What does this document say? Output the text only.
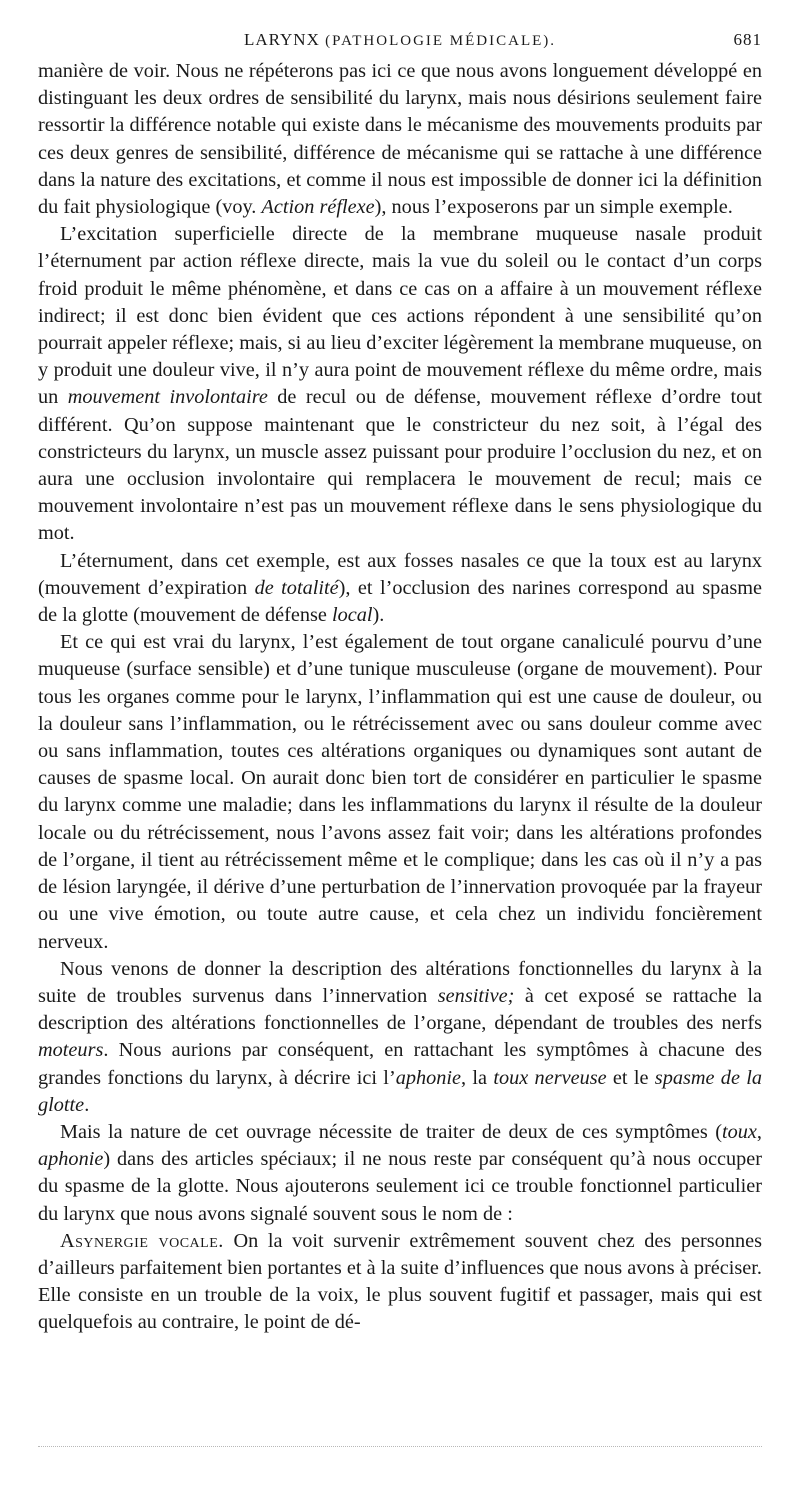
LARYNX (PATHOLOGIE MÉDICALE).	681

manière de voir. Nous ne répéterons pas ici ce que nous avons longuement développé en distinguant les deux ordres de sensibilité du larynx, mais nous désirions seulement faire ressortir la différence notable qui existe dans le mécanisme des mouvements produits par ces deux genres de sensibilité, différence de mécanisme qui se rattache à une différence dans la nature des excitations, et comme il nous est impossible de donner ici la définition du fait physiologique (voy. Action réflexe), nous l’exposerons par un simple exemple.

L’excitation superficielle directe de la membrane muqueuse nasale produit l’éternument par action réflexe directe, mais la vue du soleil ou le contact d’un corps froid produit le même phénomène, et dans ce cas on a affaire à un mouvement réflexe indirect; il est donc bien évident que ces actions répondent à une sensibilité qu’on pourrait appeler réflexe; mais, si au lieu d’exciter légèrement la membrane muqueuse, on y produit une douleur vive, il n’y aura point de mouvement réflexe du même ordre, mais un mouvement involontaire de recul ou de défense, mouvement réflexe d’ordre tout différent. Qu’on suppose maintenant que le constricteur du nez soit, à l’égal des constricteurs du larynx, un muscle assez puissant pour produire l’occlusion du nez, et on aura une occlusion involontaire qui remplacera le mouvement de recul; mais ce mouvement involontaire n’est pas un mouvement réflexe dans le sens physiologique du mot.

L’éternument, dans cet exemple, est aux fosses nasales ce que la toux est au larynx (mouvement d’expiration de totalité), et l’occlusion des narines correspond au spasme de la glotte (mouvement de défense local).

Et ce qui est vrai du larynx, l’est également de tout organe canaliculé pourvu d’une muqueuse (surface sensible) et d’une tunique musculeuse (organe de mouvement). Pour tous les organes comme pour le larynx, l’inflammation qui est une cause de douleur, ou la douleur sans l’inflammation, ou le rétrécissement avec ou sans douleur comme avec ou sans inflammation, toutes ces altérations organiques ou dynamiques sont autant de causes de spasme local. On aurait donc bien tort de considérer en particulier le spasme du larynx comme une maladie; dans les inflammations du larynx il résulte de la douleur locale ou du rétrécissement, nous l’avons assez fait voir; dans les altérations profondes de l’organe, il tient au rétrécissement même et le complique; dans les cas où il n’y a pas de lésion laryngée, il dérive d’une perturbation de l’innervation provoquée par la frayeur ou une vive émotion, ou toute autre cause, et cela chez un individu foncièrement nerveux.

Nous venons de donner la description des altérations fonctionnelles du larynx à la suite de troubles survenus dans l’innervation sensitive; à cet exposé se rattache la description des altérations fonctionnelles de l’organe, dépendant de troubles des nerfs moteurs. Nous aurions par conséquent, en rattachant les symptômes à chacune des grandes fonctions du larynx, à décrire ici l’aphonie, la toux nerveuse et le spasme de la glotte.

Mais la nature de cet ouvrage nécessite de traiter de deux de ces symptômes (toux, aphonie) dans des articles spéciaux; il ne nous reste par conséquent qu’à nous occuper du spasme de la glotte. Nous ajouterons seulement ici ce trouble fonctionnel particulier du larynx que nous avons signalé souvent sous le nom de :

Asynergie vocale. On la voit survenir extrêmement souvent chez des personnes d’ailleurs parfaitement bien portantes et à la suite d’influences que nous avons à préciser. Elle consiste en un trouble de la voix, le plus souvent fugitif et passager, mais qui est quelquefois au contraire, le point de dé-
